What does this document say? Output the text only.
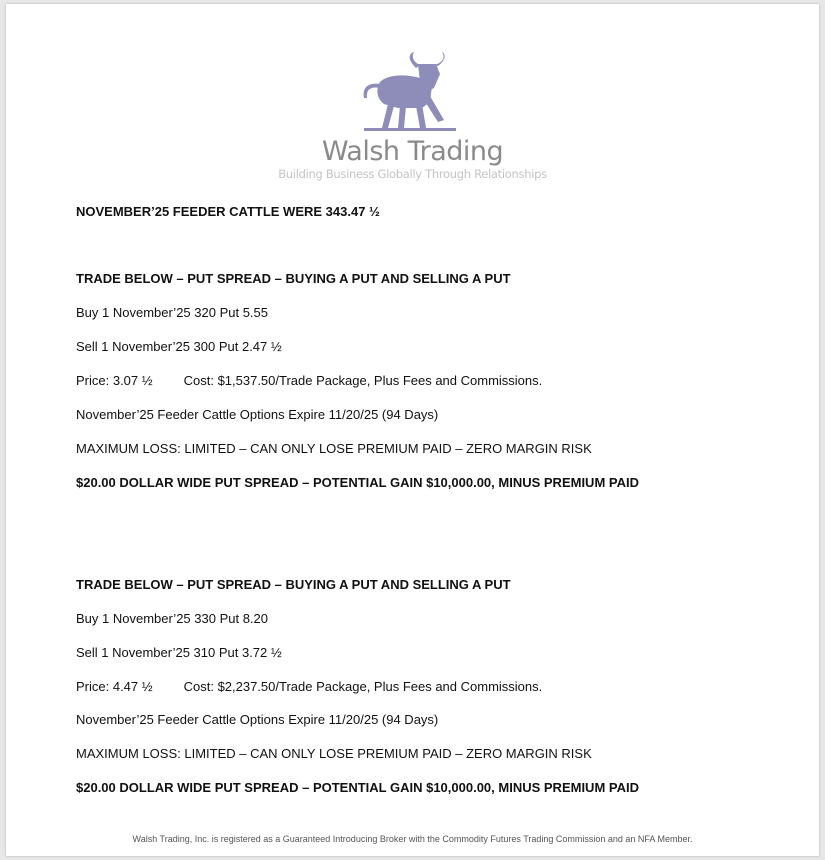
Walsh Trading
Building Business Globally Through Relationships
NOVEMBER’25 FEEDER CATTLE WERE 343.47 ½
TRADE BELOW – PUT SPREAD – BUYING A PUT AND SELLING A PUT
Buy 1 November’25 320 Put 5.55
Sell 1 November’25 300 Put 2.47 ½
Price: 3.07 ½ Cost: $1,537.50/Trade Package, Plus Fees and Commissions.
November’25 Feeder Cattle Options Expire 11/20/25 (94 Days)
MAXIMUM LOSS: LIMITED – CAN ONLY LOSE PREMIUM PAID – ZERO MARGIN RISK
$20.00 DOLLAR WIDE PUT SPREAD – POTENTIAL GAIN $10,000.00, MINUS PREMIUM PAID
TRADE BELOW – PUT SPREAD – BUYING A PUT AND SELLING A PUT
Buy 1 November’25 330 Put 8.20
Sell 1 November’25 310 Put 3.72 ½
Price: 4.47 ½ Cost: $2,237.50/Trade Package, Plus Fees and Commissions.
November’25 Feeder Cattle Options Expire 11/20/25 (94 Days)
MAXIMUM LOSS: LIMITED – CAN ONLY LOSE PREMIUM PAID – ZERO MARGIN RISK
$20.00 DOLLAR WIDE PUT SPREAD – POTENTIAL GAIN $10,000.00, MINUS PREMIUM PAID
Walsh Trading, Inc. is registered as a Guaranteed Introducing Broker with the Commodity Futures Trading Commission and an NFA Member.
